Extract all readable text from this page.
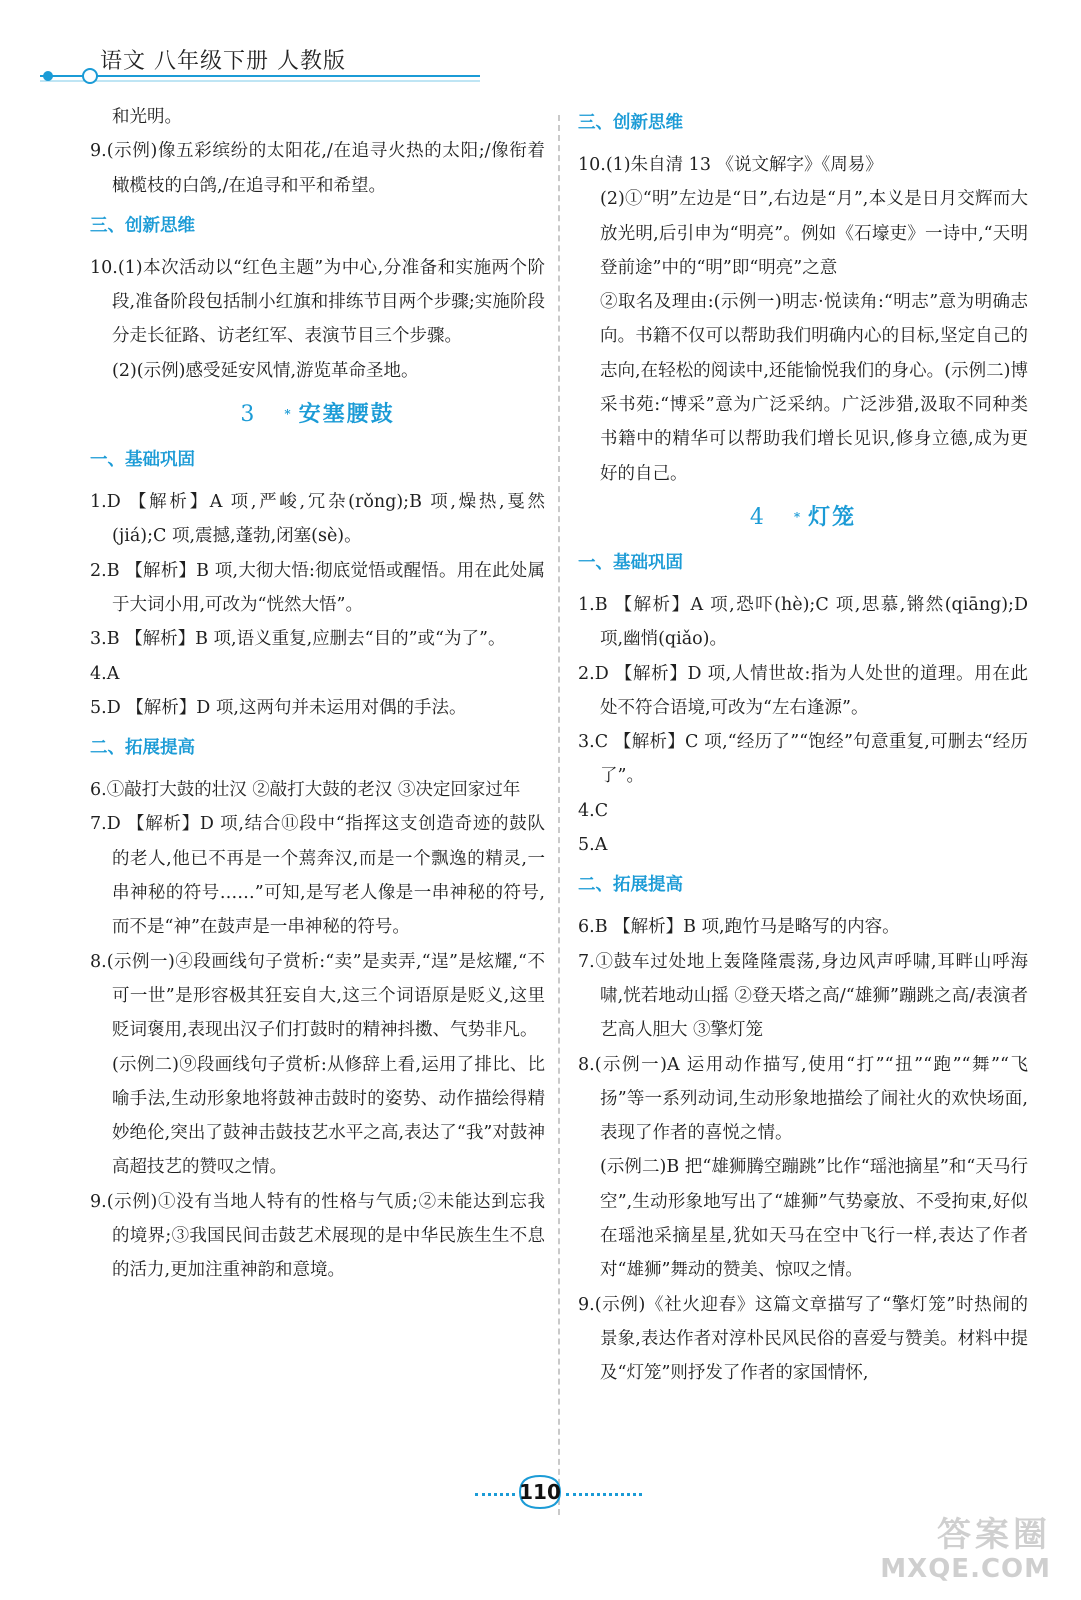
语文 八年级下册 人教版

和光明。

9.(示例)像五彩缤纷的太阳花,/在追寻火热的太阳;/像衔着橄榄枝的白鸽,/在追寻和平和希望。

三、创新思维

10.(1)本次活动以“红色主题”为中心,分准备和实施两个阶段,准备阶段包括制小红旗和排练节目两个步骤;实施阶段分走长征路、访老红军、表演节目三个步骤。

(2)(示例)感受延安风情,游览革命圣地。

3 * 安塞腰鼓
一、基础巩固

1.D 【解析】A 项,严峻,冗杂(rǒng);B 项,燥热,戛然(jiá);C 项,震撼,蓬勃,闭塞(sè)。

2.B 【解析】B 项,大彻大悟:彻底觉悟或醒悟。用在此处属于大词小用,可改为“恍然大悟”。

3.B 【解析】B 项,语义重复,应删去“目的”或“为了”。

4.A

5.D 【解析】D 项,这两句并未运用对偶的手法。

二、拓展提高

6.①敲打大鼓的壮汉 ②敲打大鼓的老汉 ③决定回家过年

7.D 【解析】D 项,结合⑪段中“指挥这支创造奇迹的鼓队的老人,他已不再是一个蔫奔汉,而是一个飘逸的精灵,一串神秘的符号……”可知,是写老人像是一串神秘的符号,而不是“神”在鼓声是一串神秘的符号。

8.(示例一)④段画线句子赏析:“卖”是卖弄,“逞”是炫耀,“不可一世”是形容极其狂妄自大,这三个词语原是贬义,这里贬词褒用,表现出汉子们打鼓时的精神抖擞、气势非凡。

(示例二)⑨段画线句子赏析:从修辞上看,运用了排比、比喻手法,生动形象地将鼓神击鼓时的姿势、动作描绘得精妙绝伦,突出了鼓神击鼓技艺水平之高,表达了“我”对鼓神高超技艺的赞叹之情。

9.(示例)①没有当地人特有的性格与气质;②未能达到忘我的境界;③我国民间击鼓艺术展现的是中华民族生生不息的活力,更加注重神韵和意境。

三、创新思维

10.(1)朱自清 13 《说文解字》《周易》

(2)①“明”左边是“日”,右边是“月”,本义是日月交辉而大放光明,后引申为“明亮”。例如《石壕吏》一诗中,“天明登前途”中的“明”即“明亮”之意

②取名及理由:(示例一)明志·悦读角:“明志”意为明确志向。书籍不仅可以帮助我们明确内心的目标,坚定自己的志向,在轻松的阅读中,还能愉悦我们的身心。(示例二)博采书苑:“博采”意为广泛采纳。广泛涉猎,汲取不同种类书籍中的精华可以帮助我们增长见识,修身立德,成为更好的自己。

4 * 灯笼
一、基础巩固

1.B 【解析】A 项,恐吓(hè);C 项,思慕,锵然(qiāng);D 项,幽悄(qiǎo)。

2.D 【解析】D 项,人情世故:指为人处世的道理。用在此处不符合语境,可改为“左右逢源”。

3.C 【解析】C 项,“经历了”“饱经”句意重复,可删去“经历了”。

4.C

5.A

二、拓展提高

6.B 【解析】B 项,跑竹马是略写的内容。

7.①鼓车过处地上轰隆隆震荡,身边风声呼啸,耳畔山呼海啸,恍若地动山摇 ②登天塔之高/“雄狮”蹦跳之高/表演者艺高人胆大 ③擎灯笼

8.(示例一)A 运用动作描写,使用“打”“扭”“跑”“舞”“飞扬”等一系列动词,生动形象地描绘了闹社火的欢快场面,表现了作者的喜悦之情。

(示例二)B 把“雄狮腾空蹦跳”比作“瑶池摘星”和“天马行空”,生动形象地写出了“雄狮”气势豪放、不受拘束,好似在瑶池采摘星星,犹如天马在空中飞行一样,表达了作者对“雄狮”舞动的赞美、惊叹之情。

9.(示例)《社火迎春》这篇文章描写了“擎灯笼”时热闹的景象,表达作者对淳朴民风民俗的喜爱与赞美。材料中提及“灯笼”则抒发了作者的家国情怀,

110
答案圈
MXQE.COM
